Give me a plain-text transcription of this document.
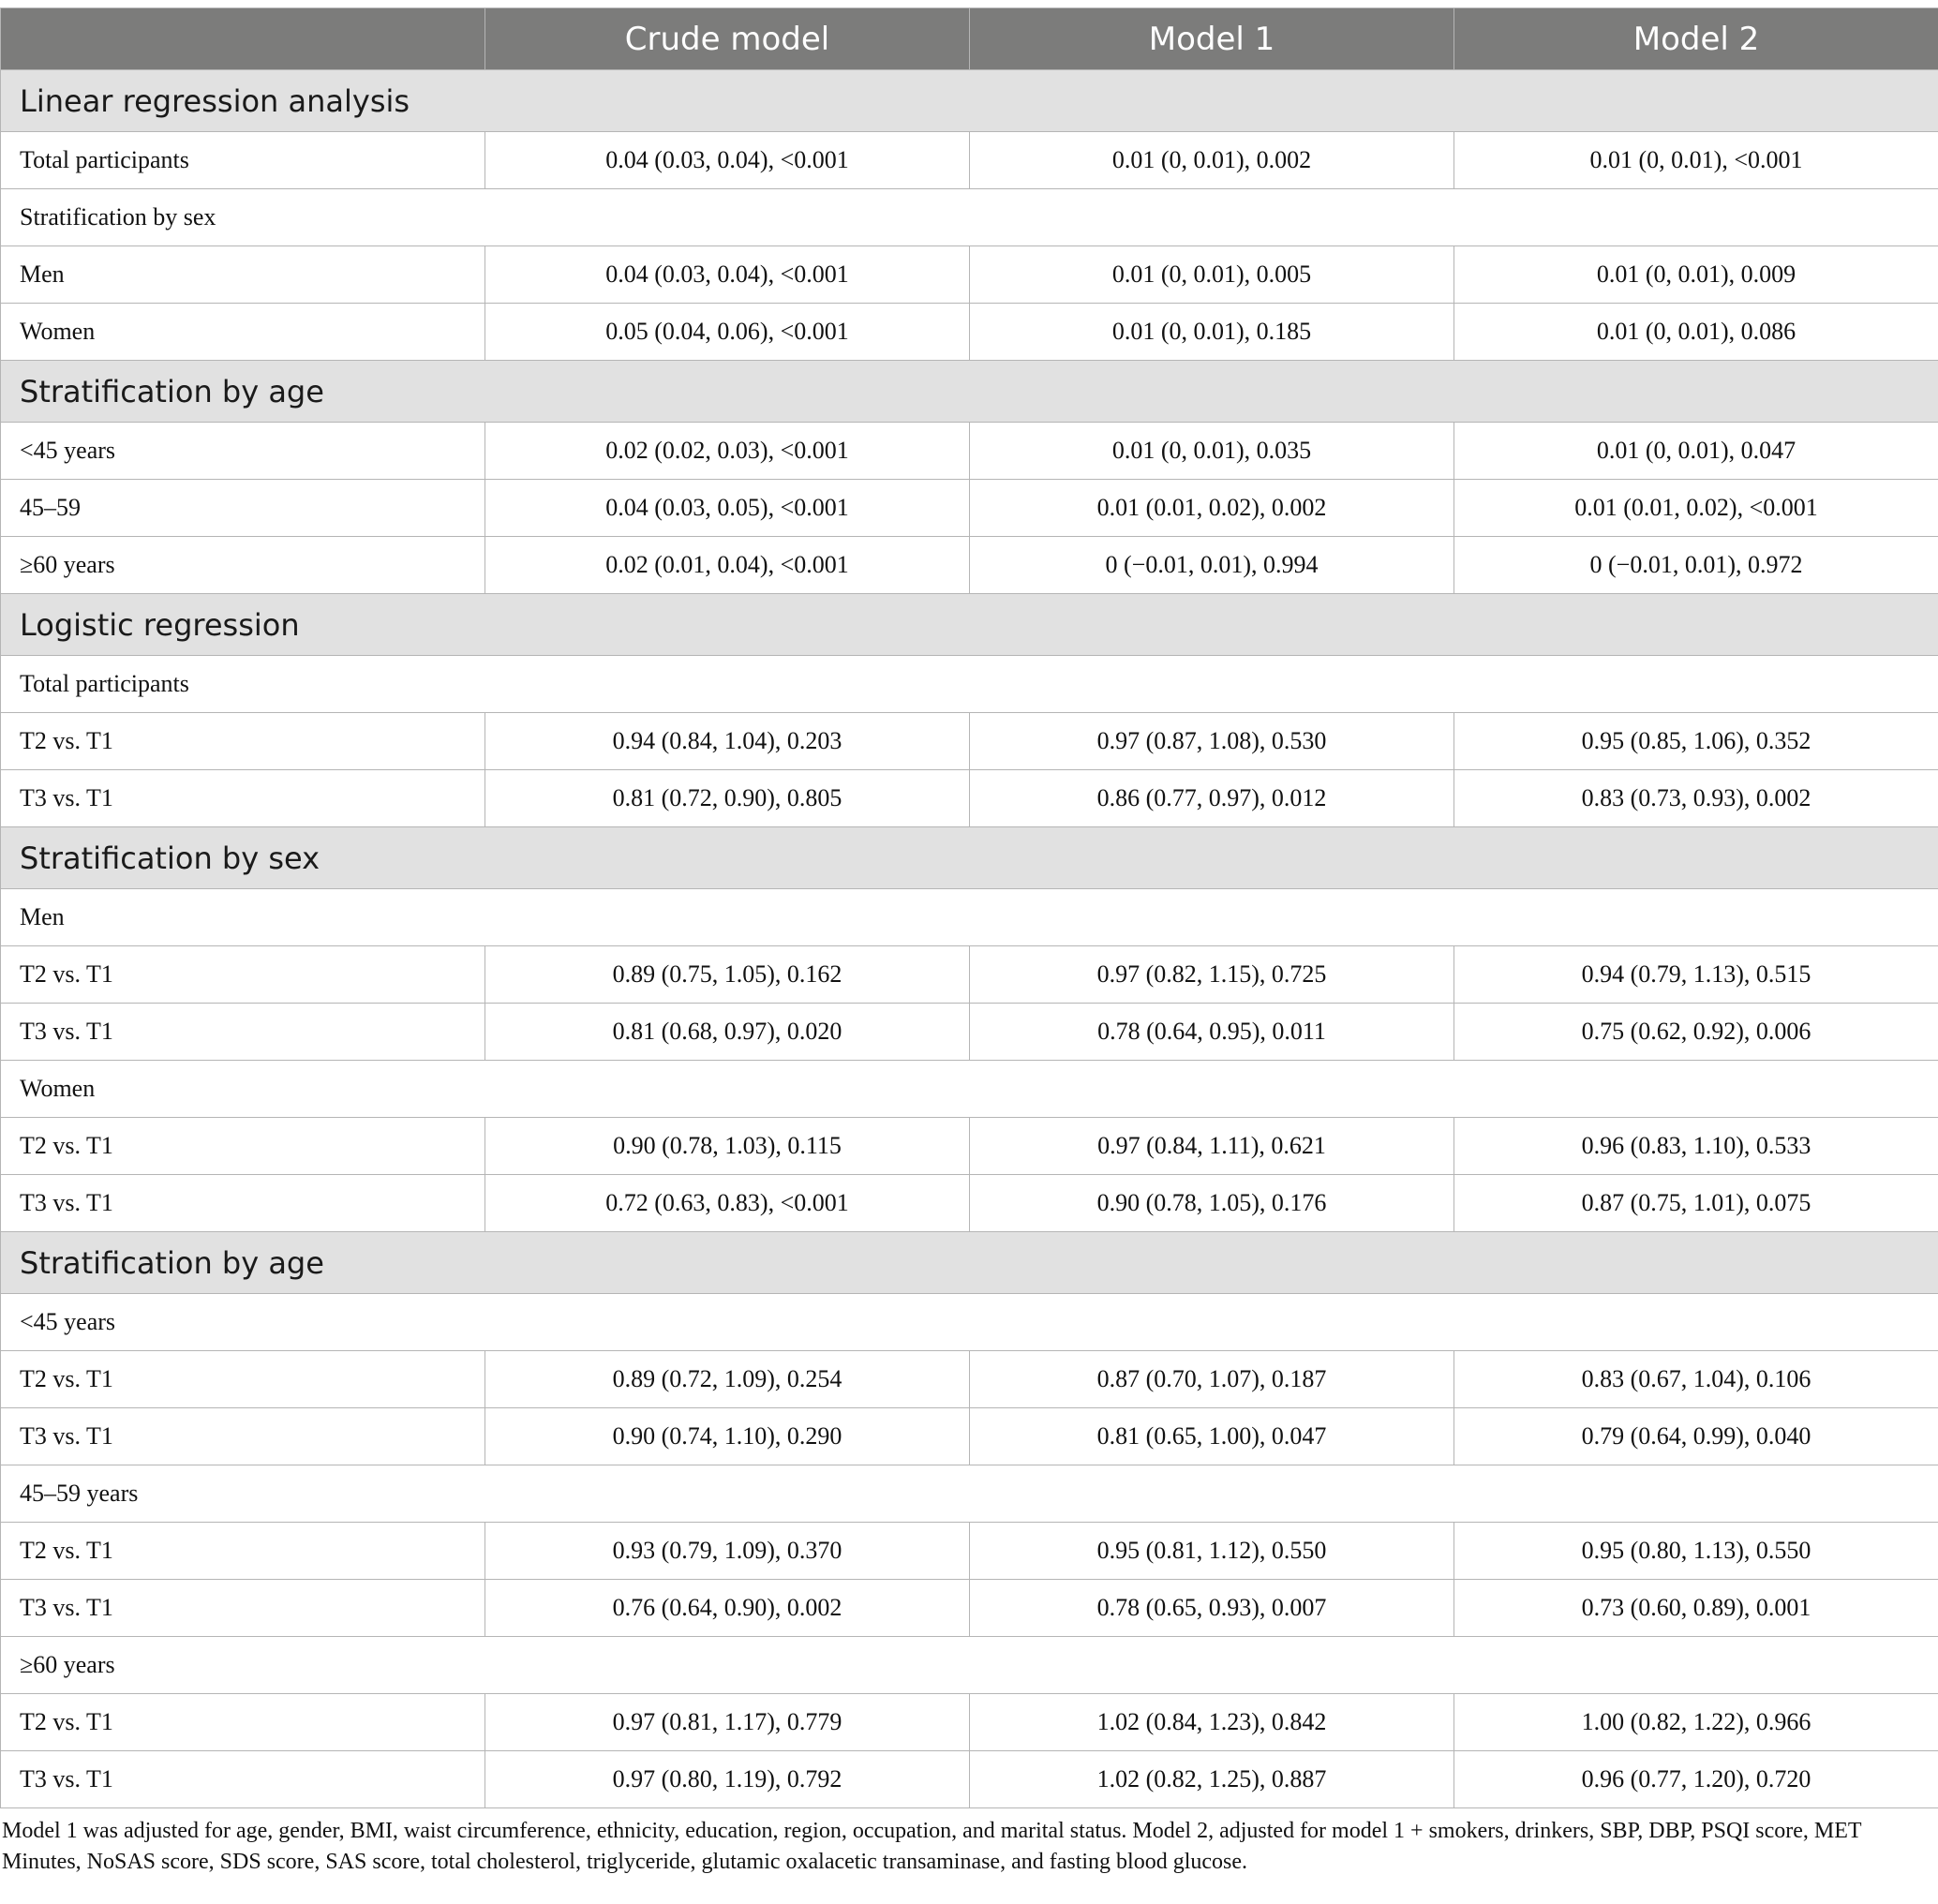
	Crude model	Model 1	Model 2
Linear regression analysis			
Total participants	0.04 (0.03, 0.04), <0.001	0.01 (0, 0.01), 0.002	0.01 (0, 0.01), <0.001
Stratification by sex			
Men	0.04 (0.03, 0.04), <0.001	0.01 (0, 0.01), 0.005	0.01 (0, 0.01), 0.009
Women	0.05 (0.04, 0.06), <0.001	0.01 (0, 0.01), 0.185	0.01 (0, 0.01), 0.086
Stratification by age			
<45 years	0.02 (0.02, 0.03), <0.001	0.01 (0, 0.01), 0.035	0.01 (0, 0.01), 0.047
45–59	0.04 (0.03, 0.05), <0.001	0.01 (0.01, 0.02), 0.002	0.01 (0.01, 0.02), <0.001
≥60 years	0.02 (0.01, 0.04), <0.001	0 (−0.01, 0.01), 0.994	0 (−0.01, 0.01), 0.972
Logistic regression			
Total participants			
T2 vs. T1	0.94 (0.84, 1.04), 0.203	0.97 (0.87, 1.08), 0.530	0.95 (0.85, 1.06), 0.352
T3 vs. T1	0.81 (0.72, 0.90), 0.805	0.86 (0.77, 0.97), 0.012	0.83 (0.73, 0.93), 0.002
Stratification by sex			
Men			
T2 vs. T1	0.89 (0.75, 1.05), 0.162	0.97 (0.82, 1.15), 0.725	0.94 (0.79, 1.13), 0.515
T3 vs. T1	0.81 (0.68, 0.97), 0.020	0.78 (0.64, 0.95), 0.011	0.75 (0.62, 0.92), 0.006
Women			
T2 vs. T1	0.90 (0.78, 1.03), 0.115	0.97 (0.84, 1.11), 0.621	0.96 (0.83, 1.10), 0.533
T3 vs. T1	0.72 (0.63, 0.83), <0.001	0.90 (0.78, 1.05), 0.176	0.87 (0.75, 1.01), 0.075
Stratification by age			
<45 years			
T2 vs. T1	0.89 (0.72, 1.09), 0.254	0.87 (0.70, 1.07), 0.187	0.83 (0.67, 1.04), 0.106
T3 vs. T1	0.90 (0.74, 1.10), 0.290	0.81 (0.65, 1.00), 0.047	0.79 (0.64, 0.99), 0.040
45–59 years			
T2 vs. T1	0.93 (0.79, 1.09), 0.370	0.95 (0.81, 1.12), 0.550	0.95 (0.80, 1.13), 0.550
T3 vs. T1	0.76 (0.64, 0.90), 0.002	0.78 (0.65, 0.93), 0.007	0.73 (0.60, 0.89), 0.001
≥60 years			
T2 vs. T1	0.97 (0.81, 1.17), 0.779	1.02 (0.84, 1.23), 0.842	1.00 (0.82, 1.22), 0.966
T3 vs. T1	0.97 (0.80, 1.19), 0.792	1.02 (0.82, 1.25), 0.887	0.96 (0.77, 1.20), 0.720

Model 1 was adjusted for age, gender, BMI, waist circumference, ethnicity, education, region, occupation, and marital status. Model 2, adjusted for model 1 + smokers, drinkers, SBP, DBP, PSQI score, MET Minutes, NoSAS score, SDS score, SAS score, total cholesterol, triglyceride, glutamic oxalacetic transaminase, and fasting blood glucose.
